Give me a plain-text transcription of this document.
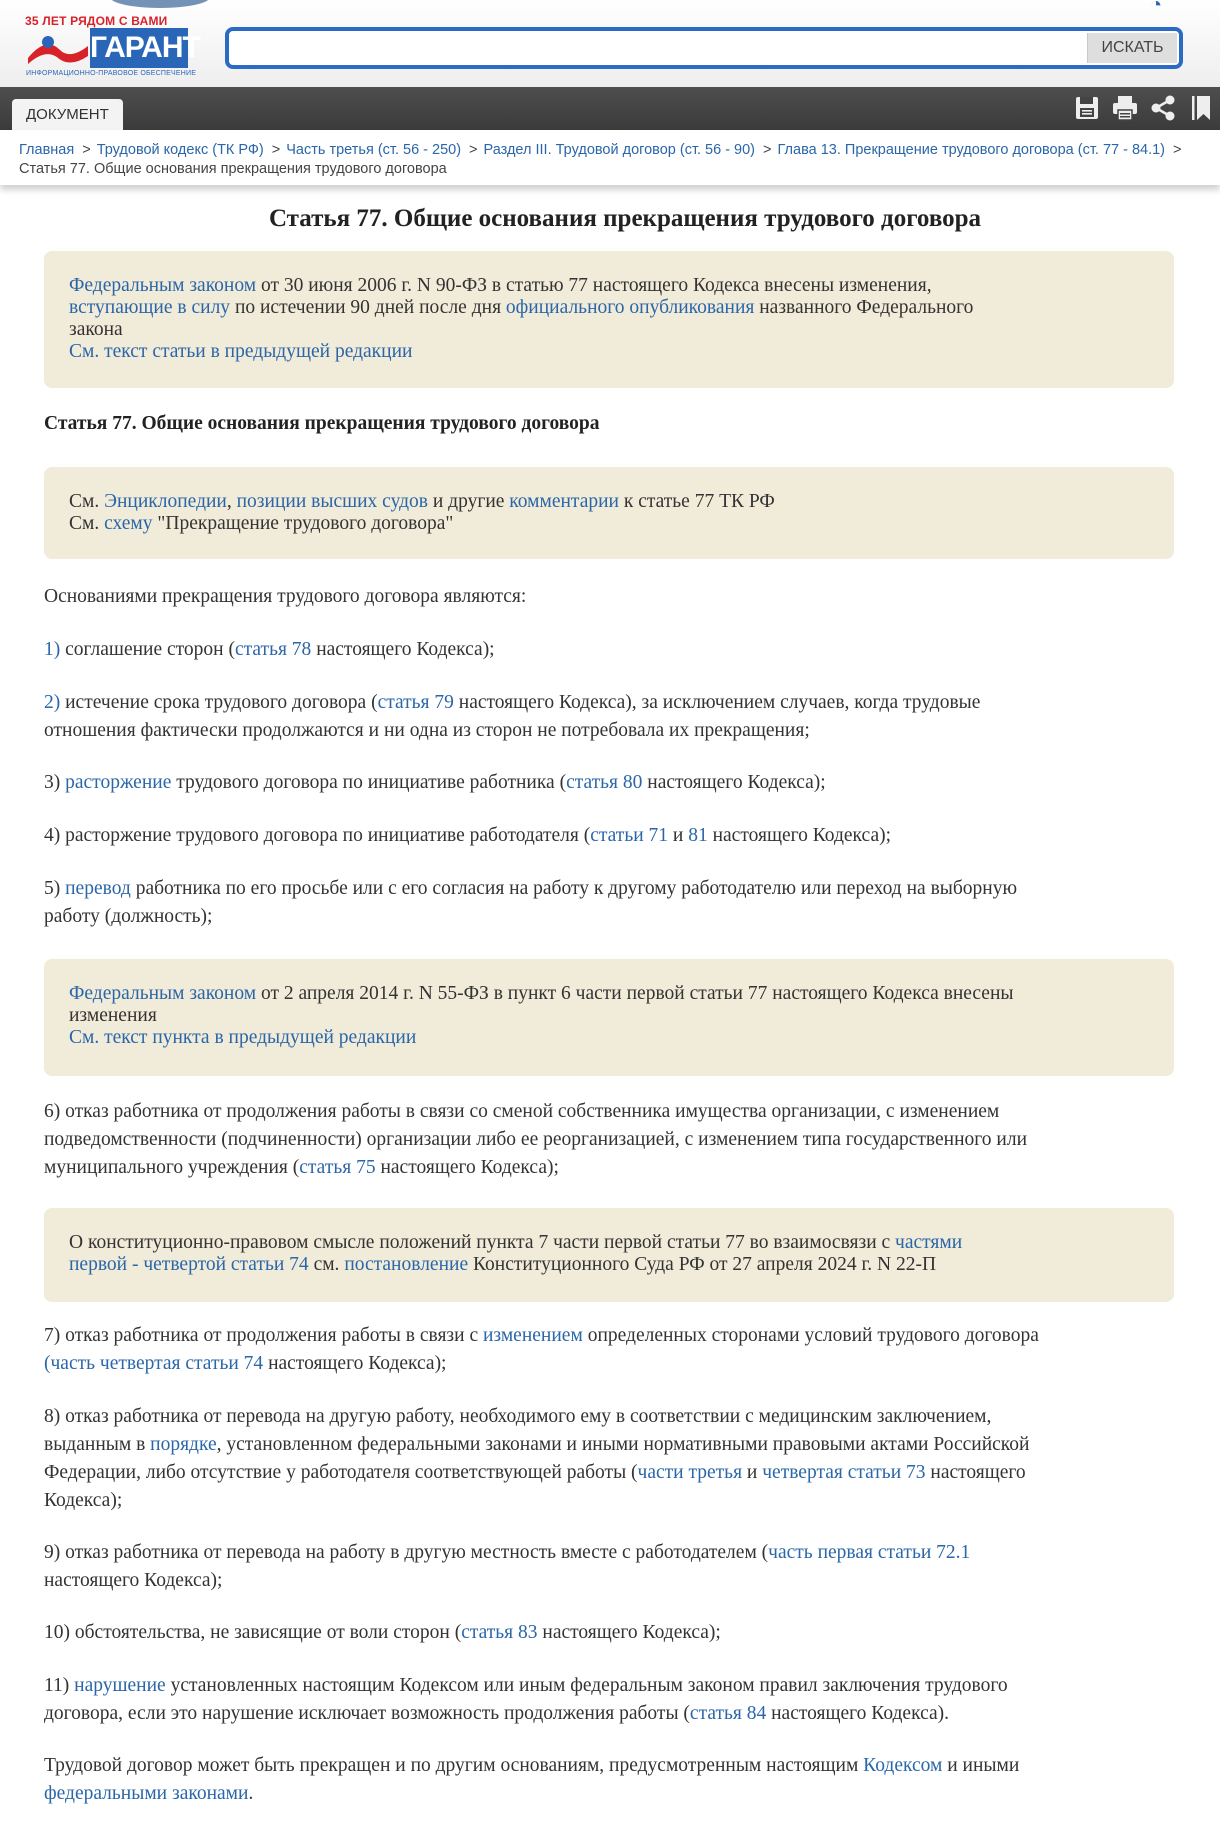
◔
35 ЛЕТ РЯДОМ С ВАМИ
ГАРАНТ
ИНФОРМАЦИОННО-ПРАВОВОЕ ОБЕСПЕЧЕНИЕ
ИСКАТЬ
ДОКУМЕНТ
Главная > Трудовой кодекс (ТК РФ) > Часть третья (ст. 56 - 250) > Раздел III. Трудовой договор (ст. 56 - 90) > Глава 13. Прекращение трудового договора (ст. 77 - 84.1) > Статья 77. Общие основания прекращения трудового договора
Статья 77. Общие основания прекращения трудового договора
Федеральным законом от 30 июня 2006 г. N 90-ФЗ в статью 77 настоящего Кодекса внесены изменения,
вступающие в силу по истечении 90 дней после дня официального опубликования названного Федерального
закона
См. текст статьи в предыдущей редакции
Статья 77. Общие основания прекращения трудового договора
См. Энциклопедии, позиции высших судов и другие комментарии к статье 77 ТК РФ
См. схему "Прекращение трудового договора"
Основаниями прекращения трудового договора являются:
1) соглашение сторон (статья 78 настоящего Кодекса);
2) истечение срока трудового договора (статья 79 настоящего Кодекса), за исключением случаев, когда трудовые
отношения фактически продолжаются и ни одна из сторон не потребовала их прекращения;
3) расторжение трудового договора по инициативе работника (статья 80 настоящего Кодекса);
4) расторжение трудового договора по инициативе работодателя (статьи 71 и 81 настоящего Кодекса);
5) перевод работника по его просьбе или с его согласия на работу к другому работодателю или переход на выборную
работу (должность);
Федеральным законом от 2 апреля 2014 г. N 55-ФЗ в пункт 6 части первой статьи 77 настоящего Кодекса внесены
изменения
См. текст пункта в предыдущей редакции
6) отказ работника от продолжения работы в связи со сменой собственника имущества организации, с изменением
подведомственности (подчиненности) организации либо ее реорганизацией, с изменением типа государственного или
муниципального учреждения (статья 75 настоящего Кодекса);
О конституционно-правовом смысле положений пункта 7 части первой статьи 77 во взаимосвязи с частями
первой - четвертой статьи 74 см. постановление Конституционного Суда РФ от 27 апреля 2024 г. N 22-П
7) отказ работника от продолжения работы в связи с изменением определенных сторонами условий трудового договора
(часть четвертая статьи 74 настоящего Кодекса);
8) отказ работника от перевода на другую работу, необходимого ему в соответствии с медицинским заключением,
выданным в порядке, установленном федеральными законами и иными нормативными правовыми актами Российской
Федерации, либо отсутствие у работодателя соответствующей работы (части третья и четвертая статьи 73 настоящего
Кодекса);
9) отказ работника от перевода на работу в другую местность вместе с работодателем (часть первая статьи 72.1
настоящего Кодекса);
10) обстоятельства, не зависящие от воли сторон (статья 83 настоящего Кодекса);
11) нарушение установленных настоящим Кодексом или иным федеральным законом правил заключения трудового
договора, если это нарушение исключает возможность продолжения работы (статья 84 настоящего Кодекса).
Трудовой договор может быть прекращен и по другим основаниям, предусмотренным настоящим Кодексом и иными
федеральными законами.
